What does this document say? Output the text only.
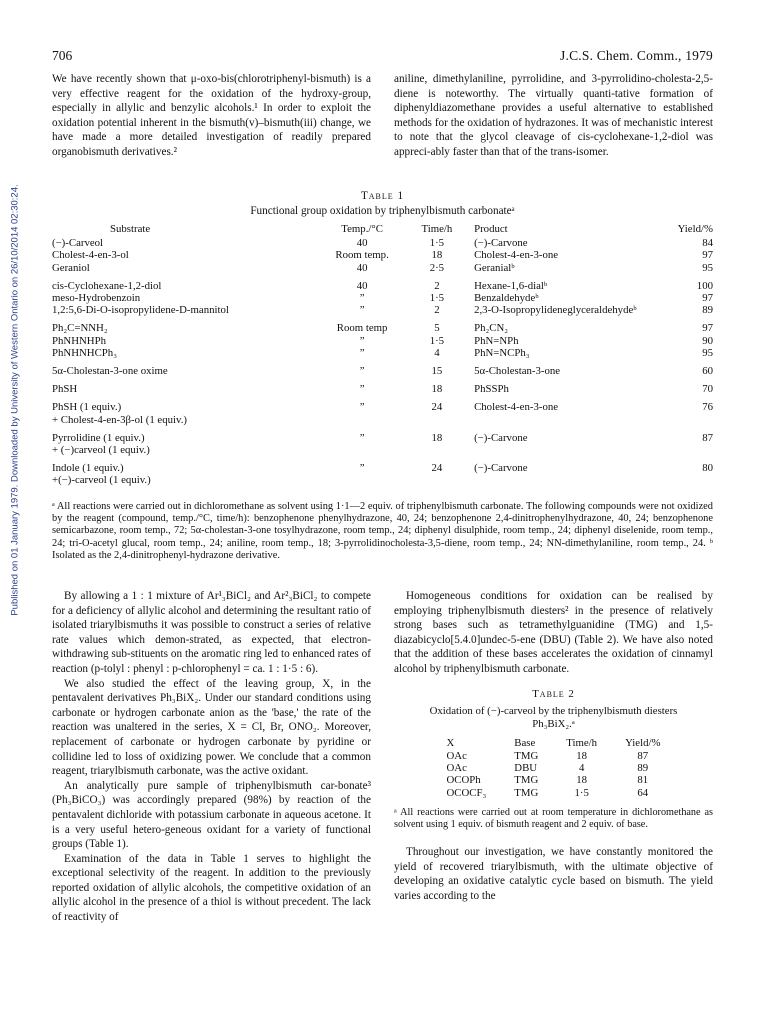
Published on 01 January 1979. Downloaded by University of Western Ontario on 26/10/2014 02:30:24.
706	J.C.S. Chem. Comm., 1979

We have recently shown that μ-oxo-bis(chlorotriphenyl-bismuth) is a very effective reagent for the oxidation of the hydroxy-group, especially in allylic and benzylic alcohols.¹ In order to exploit the oxidation potential inherent in the bismuth(v)–bismuth(iii) change, we have made a more detailed investigation of readily prepared organobismuth derivatives.²

aniline, dimethylaniline, pyrrolidine, and 3-pyrrolidino-cholesta-2,5-diene is noteworthy. The virtually quanti-tative formation of diphenyldiazomethane provides a useful alternative to established methods for the oxidation of hydrazones. It was of mechanistic interest to note that the glycol cleavage of cis-cyclohexane-1,2-diol was appreci-ably faster than that of the trans-isomer.

Table 1
Functional group oxidation by triphenylbismuth carbonateᵃ
Substrate	Temp./°C	Time/h	Product	Yield/%
(−)-Carveol	40	1·5	(−)-Carvone	84
Cholest-4-en-3-ol	Room temp.	18	Cholest-4-en-3-one	97
Geraniol	40	2·5	Geranialᵇ	95
cis-Cyclohexane-1,2-diol	40	2	Hexane-1,6-dialᵇ	100
meso-Hydrobenzoin	”	1·5	Benzaldehydeᵇ	97
1,2:5,6-Di-O-isopropylidene-D-mannitol	”	2	2,3-O-Isopropylideneglyceraldehydeᵇ	89
Ph₂C=NNH₂	Room temp	5	Ph₂CN₂	97
PhNHNHPh	”	1·5	PhN=NPh	90
PhNHNHCPh₃	”	4	PhN=NCPh₃	95
5α-Cholestan-3-one oxime	”	15	5α-Cholestan-3-one	60
PhSH	”	18	PhSSPh	70
PhSH (1 equiv.)
+ Cholest-4-en-3β-ol (1 equiv.)	”	24	Cholest-4-en-3-one	76
Pyrrolidine (1 equiv.)
+ (−)carveol (1 equiv.)	”	18	(−)-Carvone	87
Indole (1 equiv.)
+(−)-carveol (1 equiv.)	”	24	(−)-Carvone	80
ᵃ All reactions were carried out in dichloromethane as solvent using 1·1—2 equiv. of triphenylbismuth carbonate. The following compounds were not oxidized by the reagent (compound, temp./°C, time/h): benzophenone phenylhydrazone, 40, 24; benzophenone 2,4-dinitrophenylhydrazone, 40, 24; benzophenone semicarbazone, room temp., 72; 5α-cholestan-3-one tosylhydrazone, room temp., 24; diphenyl disulphide, room temp., 24; diphenyl diselenide, room temp., 24; tri-O-acetyl glucal, room temp., 24; aniline, room temp., 18; 3-pyrrolidinocholesta-3,5-diene, room temp., 24; NN-dimethylaniline, room temp., 24. ᵇ Isolated as the 2,4-dinitrophenyl-hydrazone derivative.

By allowing a 1 : 1 mixture of Ar¹₃BiCl₂ and Ar²₃BiCl₂ to compete for a deficiency of allylic alcohol and determining the resultant ratio of isolated triarylbismuths it was possible to construct a series of relative rate values which demon-strated, as expected, that electron-withdrawing sub-stituents on the aromatic ring led to enhanced rates of reaction (p-tolyl : phenyl : p-chlorophenyl = ca. 1 : 1·5 : 6).

We also studied the effect of the leaving group, X, in the pentavalent derivatives Ph₃BiX₂. Under our standard conditions using carbonate or hydrogen carbonate anion as the 'base,' the rate of the reaction was unaltered in the series, X = Cl, Br, ONO₂. Moreover, replacement of carbonate or hydrogen carbonate by pyridine or collidine led to loss of oxidizing power. We conclude that a common reagent, triarylbismuth carbonate, was the active oxidant.

An analytically pure sample of triphenylbismuth car-bonate³ (Ph₃BiCO₃) was accordingly prepared (98%) by reaction of the pentavalent dichloride with potassium carbonate in aqueous acetone. It is a very useful hetero-geneous oxidant for a variety of functional groups (Table 1).

Examination of the data in Table 1 serves to highlight the exceptional selectivity of the reagent. In addition to the previously reported oxidation of allylic alcohols, the competitive oxidation of an allylic alcohol in the presence of a thiol is without precedent. The lack of reactivity of

Homogeneous conditions for oxidation can be realised by employing triphenylbismuth diesters² in the presence of relatively strong bases such as tetramethylguanidine (TMG) and 1,5-diazabicyclo[5.4.0]undec-5-ene (DBU) (Table 2). We have also noted that the addition of these bases accelerates the oxidation of cinnamyl alcohol by triphenylbismuth carbonate.

Table 2
Oxidation of (−)-carveol by the triphenylbismuth diesters
Ph₃BiX₂.ᵃ
X	Base	Time/h	Yield/%
OAc	TMG	18	87
OAc	DBU	4	89
OCOPh	TMG	18	81
OCOCF₃	TMG	1·5	64
ᵃ All reactions were carried out at room temperature in dichloromethane as solvent using 1 equiv. of bismuth reagent and 2 equiv. of base.

Throughout our investigation, we have constantly monitored the yield of recovered triarylbismuth, with the ultimate objective of developing an oxidative catalytic cycle based on bismuth. The yield varies according to the
